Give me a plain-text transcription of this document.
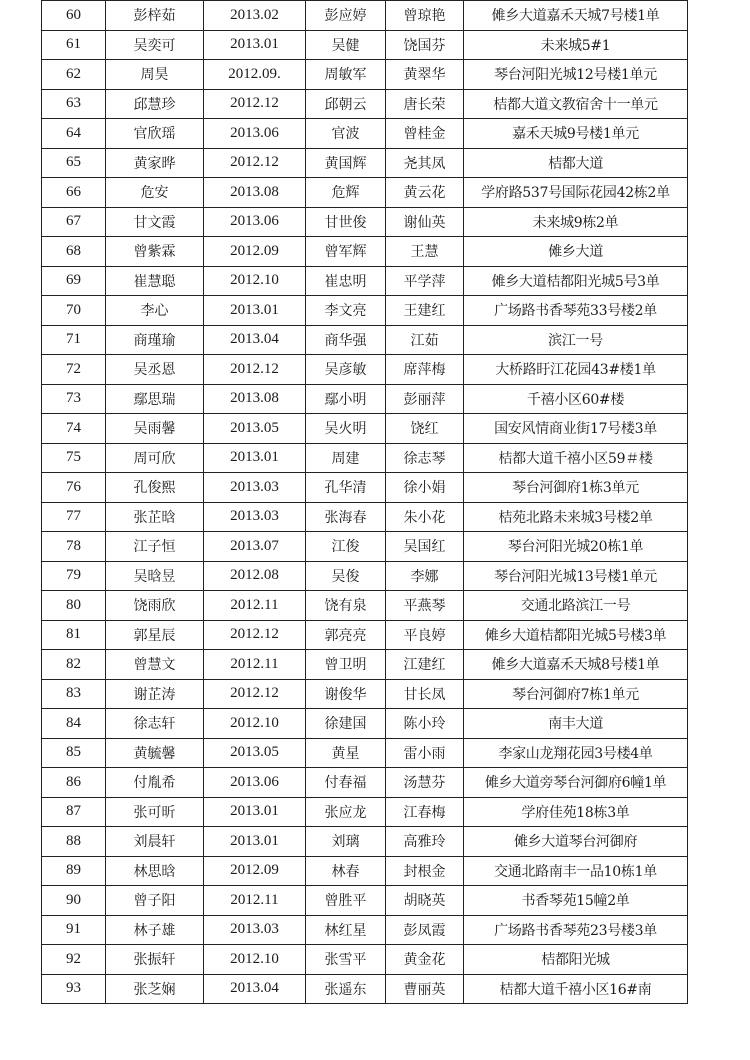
60	彭梓茹	2013.02	彭应婷	曾琼艳	傩乡大道嘉禾天城7号楼1单
61	吴奕可	2013.01	吴健	饶国芬	未来城5#1
62	周昊	2012.09.	周敏军	黄翠华	琴台河阳光城12号楼1单元
63	邱慧珍	2012.12	邱朝云	唐长荣	桔都大道文教宿舍十一单元
64	官欣瑶	2013.06	官波	曾桂金	嘉禾天城9号楼1单元
65	黄家晔	2012.12	黄国辉	尧其凤	桔都大道
66	危安	2013.08	危辉	黄云花	学府路537号国际花园42栋2单
67	甘文霞	2013.06	甘世俊	谢仙英	未来城9栋2单
68	曾紫霖	2012.09	曾军辉	王慧	傩乡大道
69	崔慧聪	2012.10	崔忠明	平学萍	傩乡大道桔都阳光城5号3单
70	李心	2013.01	李文亮	王建红	广场路书香琴苑33号楼2单
71	商瑾瑜	2013.04	商华强	江茹	滨江一号
72	吴丞恩	2012.12	吴彦敏	席萍梅	大桥路盱江花园43#楼1单
73	鄢思瑞	2013.08	鄢小明	彭丽萍	千禧小区60#楼
74	吴雨馨	2013.05	吴火明	饶红	国安风情商业街17号楼3单
75	周可欣	2013.01	周建	徐志琴	桔都大道千禧小区59＃楼
76	孔俊熙	2013.03	孔华清	徐小娟	琴台河御府1栋3单元
77	张芷晗	2013.03	张海春	朱小花	桔苑北路未来城3号楼2单
78	江子恒	2013.07	江俊	吴国红	琴台河阳光城20栋1单
79	吴晗昱	2012.08	吴俊	李娜	琴台河阳光城13号楼1单元
80	饶雨欣	2012.11	饶有泉	平燕琴	交通北路滨江一号
81	郭星辰	2012.12	郭亮亮	平良婷	傩乡大道桔都阳光城5号楼3单
82	曾慧文	2012.11	曾卫明	江建红	傩乡大道嘉禾天城8号楼1单
83	谢芷涛	2012.12	谢俊华	甘长凤	琴台河御府7栋1单元
84	徐志轩	2012.10	徐建国	陈小玲	南丰大道
85	黄毓馨	2013.05	黄星	雷小雨	李家山龙翔花园3号楼4单
86	付胤希	2013.06	付春福	汤慧芬	傩乡大道旁琴台河御府6幢1单
87	张可昕	2013.01	张应龙	江春梅	学府佳苑18栋3单
88	刘晨轩	2013.01	刘璃	高雅玲	傩乡大道琴台河御府
89	林思晗	2012.09	林春	封根金	交通北路南丰一品10栋1单
90	曾子阳	2012.11	曾胜平	胡晓英	书香琴苑15幢2单
91	林子雄	2013.03	林红星	彭凤霞	广场路书香琴苑23号楼3单
92	张振轩	2012.10	张雪平	黄金花	桔都阳光城
93	张芝娴	2013.04	张遥东	曹丽英	桔都大道千禧小区16#南
